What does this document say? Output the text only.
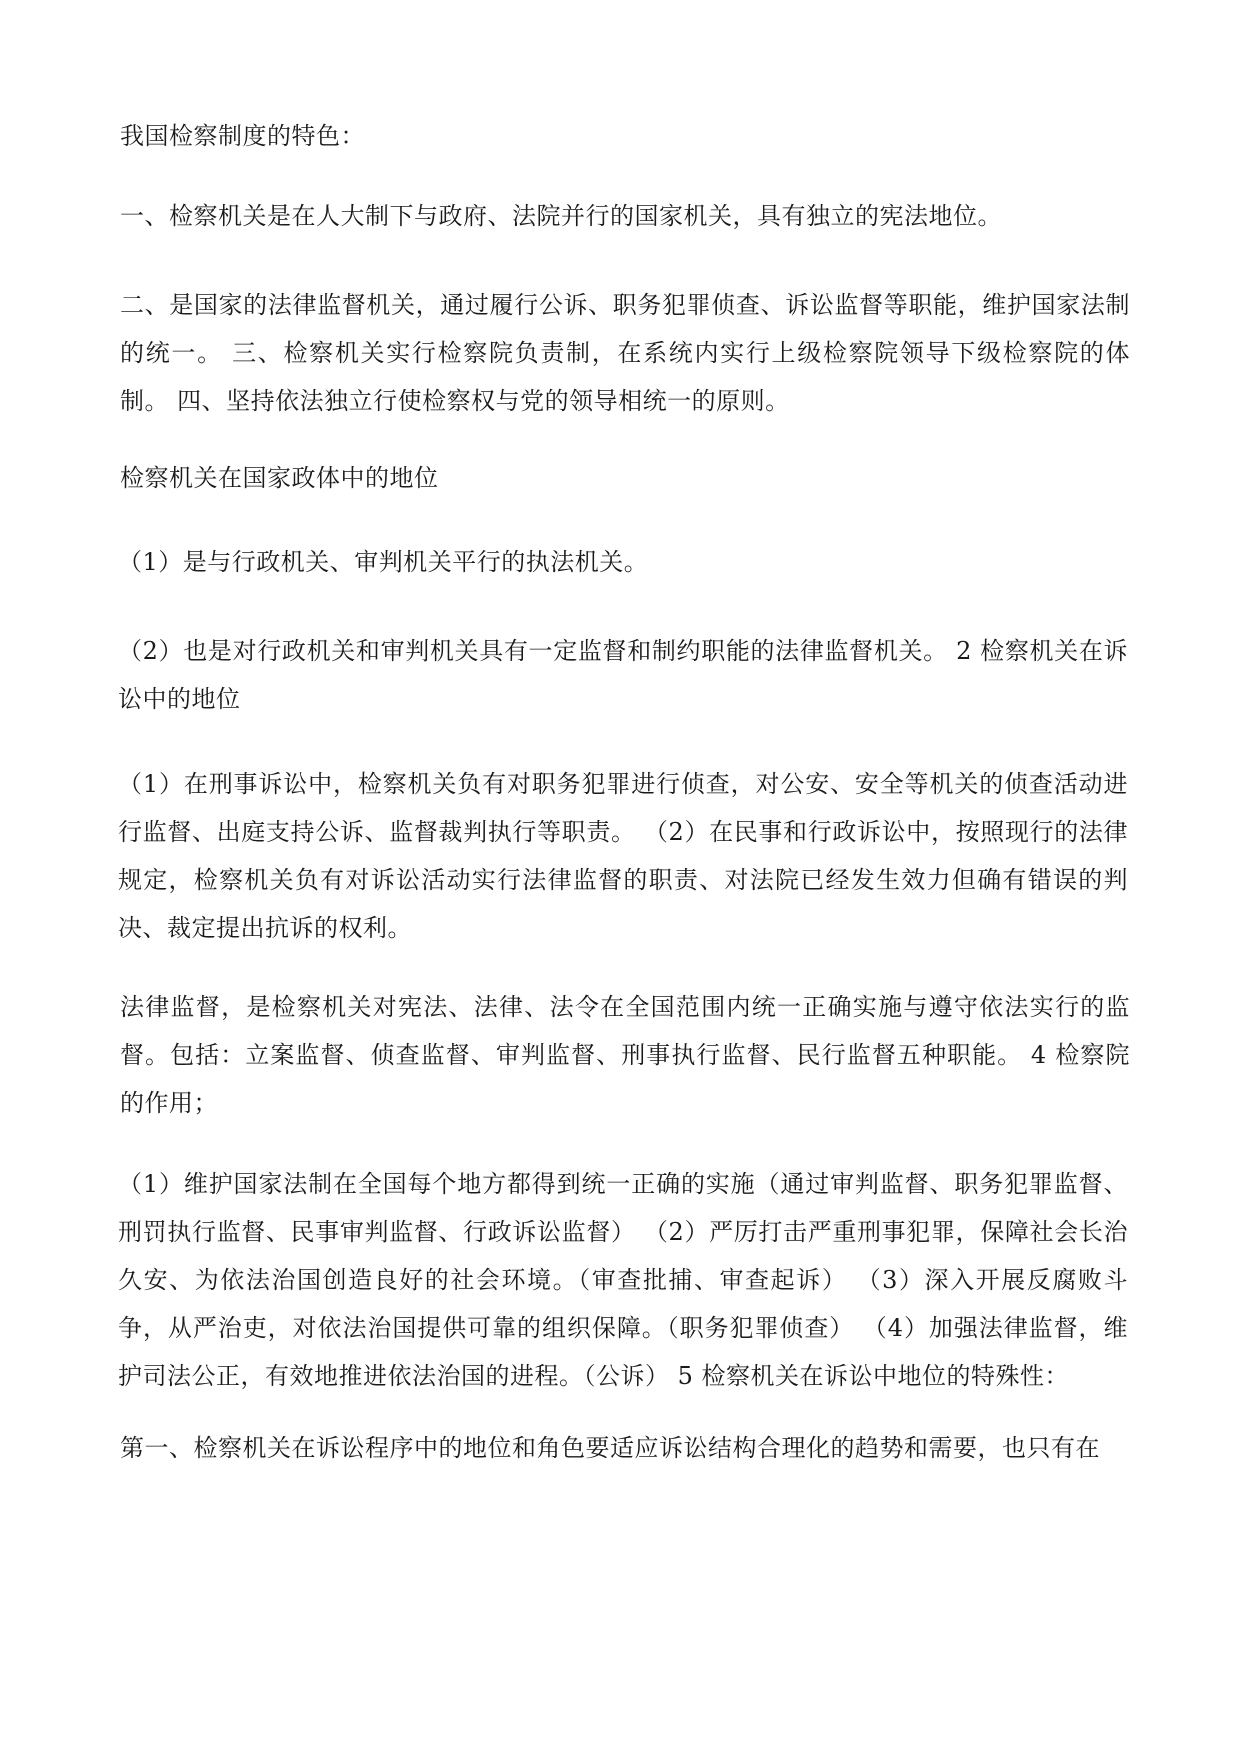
我国检察制度的特色：

一、检察机关是在人大制下与政府、法院并行的国家机关，具有独立的宪法地位。

二、是国家的法律监督机关，通过履行公诉、职务犯罪侦查、诉讼监督等职能，维护国家法制的统一。 三、检察机关实行检察院负责制，在系统内实行上级检察院领导下级检察院的体制。 四、坚持依法独立行使检察权与党的领导相统一的原则。

检察机关在国家政体中的地位

（1）是与行政机关、审判机关平行的执法机关。

（2）也是对行政机关和审判机关具有一定监督和制约职能的法律监督机关。 2 检察机关在诉讼中的地位

（1）在刑事诉讼中，检察机关负有对职务犯罪进行侦查，对公安、安全等机关的侦查活动进行监督、出庭支持公诉、监督裁判执行等职责。 （2）在民事和行政诉讼中，按照现行的法律规定，检察机关负有对诉讼活动实行法律监督的职责、对法院已经发生效力但确有错误的判决、裁定提出抗诉的权利。

法律监督，是检察机关对宪法、法律、法令在全国范围内统一正确实施与遵守依法实行的监督。包括：立案监督、侦查监督、审判监督、刑事执行监督、民行监督五种职能。 4 检察院的作用；

（1）维护国家法制在全国每个地方都得到统一正确的实施（通过审判监督、职务犯罪监督、刑罚执行监督、民事审判监督、行政诉讼监督） （2）严厉打击严重刑事犯罪，保障社会长治久安、为依法治国创造良好的社会环境。（审查批捕、审查起诉） （3）深入开展反腐败斗争，从严治吏，对依法治国提供可靠的组织保障。（职务犯罪侦查） （4）加强法律监督，维护司法公正，有效地推进依法治国的进程。（公诉） 5 检察机关在诉讼中地位的特殊性：

第一、检察机关在诉讼程序中的地位和角色要适应诉讼结构合理化的趋势和需要，也只有在
